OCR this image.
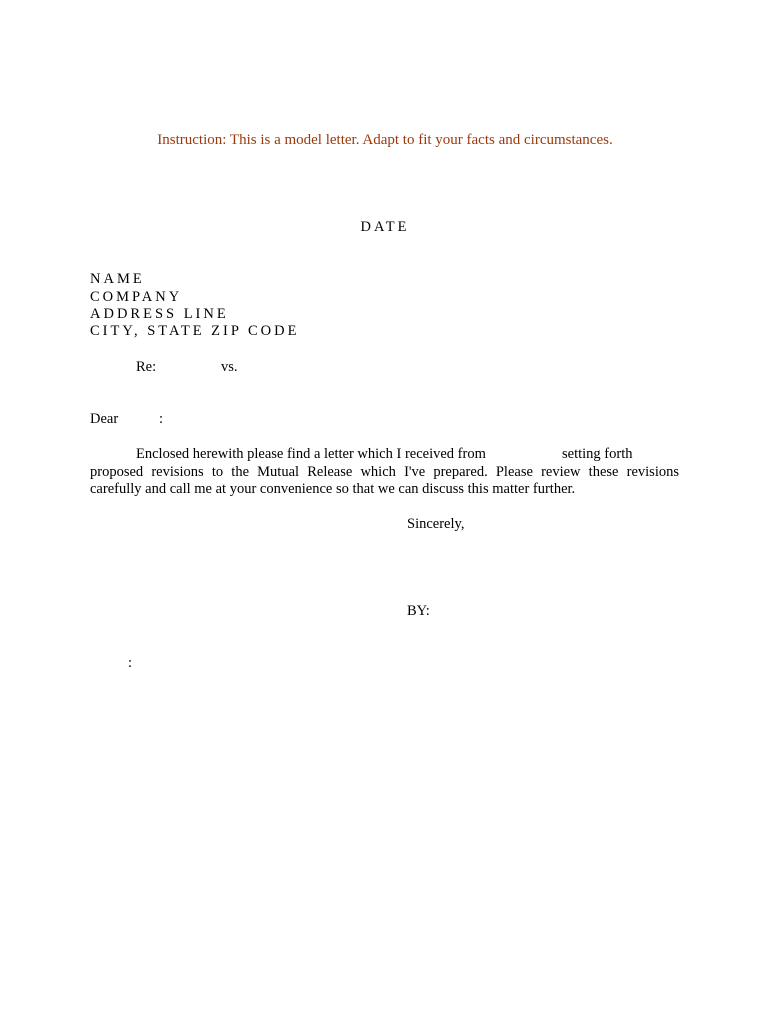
Instruction: This is a model letter. Adapt to fit your facts and circumstances.
DATE
NAME
COMPANY
ADDRESS LINE
CITY, STATE ZIP CODE
Re:	vs.
Dear	:
Enclosed herewith please find a letter which I received from	setting forth
proposed revisions to the Mutual Release which I've prepared. Please review these revisions
carefully and call me at your convenience so that we can discuss this matter further.
Sincerely,
BY:
:
